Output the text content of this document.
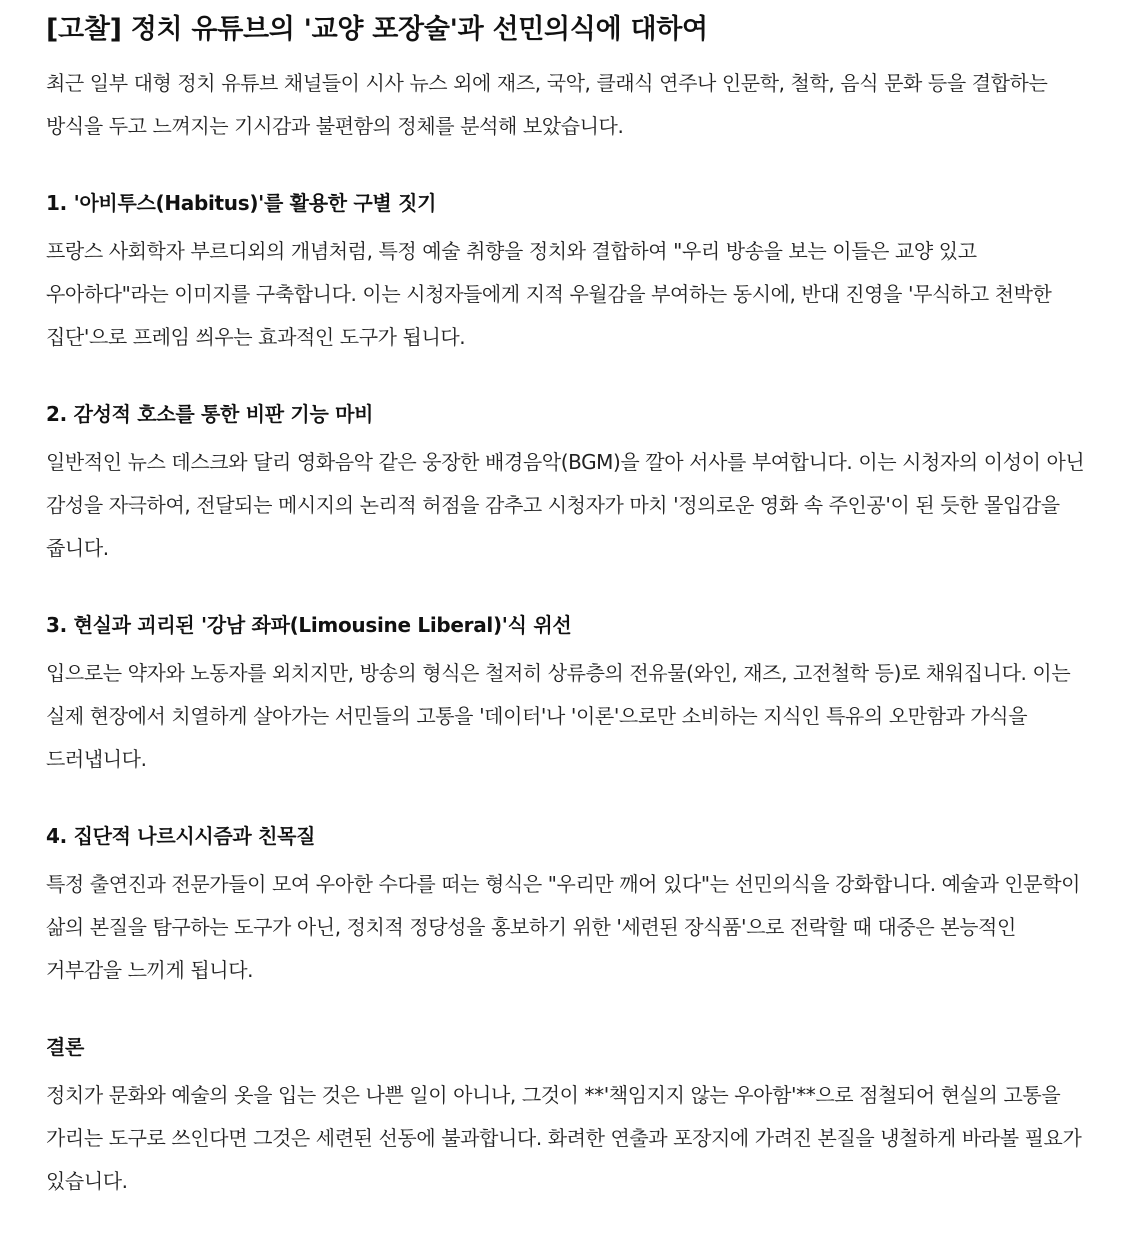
[고찰] 정치 유튜브의 '교양 포장술'과 선민의식에 대하여

최근 일부 대형 정치 유튜브 채널들이 시사 뉴스 외에 재즈, 국악, 클래식 연주나 인문학, 철학, 음식 문화 등을 결합하는 방식을 두고 느껴지는 기시감과 불편함의 정체를 분석해 보았습니다.

1. '아비투스(Habitus)'를 활용한 구별 짓기

프랑스 사회학자 부르디외의 개념처럼, 특정 예술 취향을 정치와 결합하여 "우리 방송을 보는 이들은 교양 있고 우아하다"라는 이미지를 구축합니다. 이는 시청자들에게 지적 우월감을 부여하는 동시에, 반대 진영을 '무식하고 천박한 집단'으로 프레임 씌우는 효과적인 도구가 됩니다.

2. 감성적 호소를 통한 비판 기능 마비

일반적인 뉴스 데스크와 달리 영화음악 같은 웅장한 배경음악(BGM)을 깔아 서사를 부여합니다. 이는 시청자의 이성이 아닌 감성을 자극하여, 전달되는 메시지의 논리적 허점을 감추고 시청자가 마치 '정의로운 영화 속 주인공'이 된 듯한 몰입감을 줍니다.

3. 현실과 괴리된 '강남 좌파(Limousine Liberal)'식 위선

입으로는 약자와 노동자를 외치지만, 방송의 형식은 철저히 상류층의 전유물(와인, 재즈, 고전철학 등)로 채워집니다. 이는 실제 현장에서 치열하게 살아가는 서민들의 고통을 '데이터'나 '이론'으로만 소비하는 지식인 특유의 오만함과 가식을 드러냅니다.

4. 집단적 나르시시즘과 친목질

특정 출연진과 전문가들이 모여 우아한 수다를 떠는 형식은 "우리만 깨어 있다"는 선민의식을 강화합니다. 예술과 인문학이 삶의 본질을 탐구하는 도구가 아닌, 정치적 정당성을 홍보하기 위한 '세련된 장식품'으로 전락할 때 대중은 본능적인 거부감을 느끼게 됩니다.

결론

정치가 문화와 예술의 옷을 입는 것은 나쁜 일이 아니나, 그것이 **'책임지지 않는 우아함'**으로 점철되어 현실의 고통을 가리는 도구로 쓰인다면 그것은 세련된 선동에 불과합니다. 화려한 연출과 포장지에 가려진 본질을 냉철하게 바라볼 필요가 있습니다.
